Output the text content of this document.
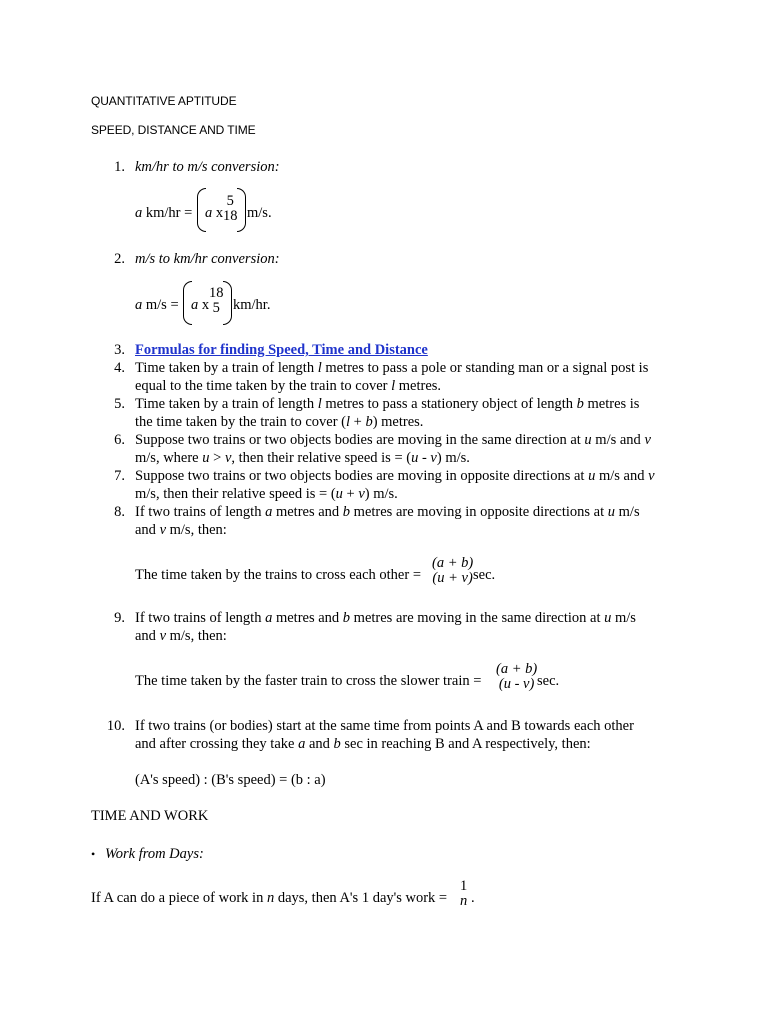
QUANTITATIVE APTITUDE
SPEED, DISTANCE AND TIME
1. km/hr to m/s conversion:
a km/hr = a x
5
18 m/s.
2. m/s to km/hr conversion:
a m/s = a x
18
5 km/hr.
3. Formulas for finding Speed, Time and Distance
4. Time taken by a train of length l metres to pass a pole or standing man or a signal post is
equal to the time taken by the train to cover l metres.
5. Time taken by a train of length l metres to pass a stationery object of length b metres is
the time taken by the train to cover (l + b) metres.
6. Suppose two trains or two objects bodies are moving in the same direction at u m/s and v
m/s, where u > v, then their relative speed is = (u - v) m/s.
7. Suppose two trains or two objects bodies are moving in opposite directions at u m/s and v
m/s, then their relative speed is = (u + v) m/s.
8. If two trains of length a metres and b metres are moving in opposite directions at u m/s
and v m/s, then:
The time taken by the trains to cross each other =
(a + b)
(u + v) sec.
9. If two trains of length a metres and b metres are moving in the same direction at u m/s
and v m/s, then:
The time taken by the faster train to cross the slower train =
(a + b)
(u - v) sec.
10. If two trains (or bodies) start at the same time from points A and B towards each other
and after crossing they take a and b sec in reaching B and A respectively, then:
(A's speed) : (B's speed) = (b : a)
TIME AND WORK
• Work from Days:
If A can do a piece of work in n days, then A's 1 day's work =
1
n .
